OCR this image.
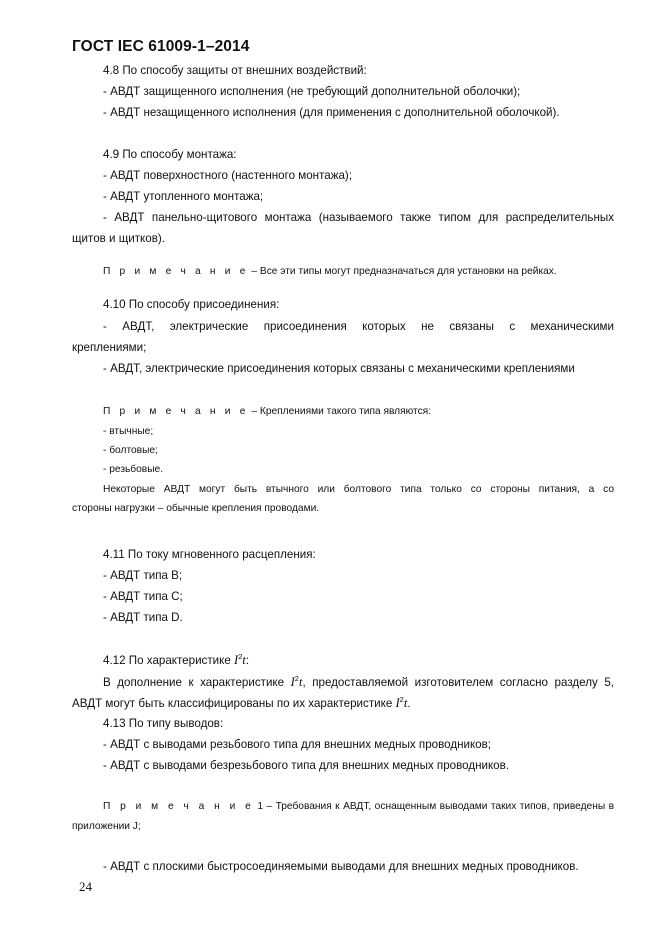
ГОСТ IEC 61009-1–2014
4.8 По способу защиты от внешних воздействий:
- АВДТ защищенного исполнения (не требующий дополнительной оболочки);
- АВДТ незащищенного исполнения (для применения с дополнительной оболочкой).
4.9 По способу монтажа:
- АВДТ поверхностного (настенного монтажа);
- АВДТ утопленного монтажа;
- АВДТ панельно-щитового монтажа (называемого также типом для распределительных
щитов и щитков).
П р и м е ч а н и е – Все эти типы могут предназначаться для установки на рейках.
4.10 По способу присоединения:
- АВДТ, электрические присоединения которых не связаны с механическими
креплениями;
- АВДТ, электрические присоединения которых связаны с механическими креплениями
П р и м е ч а н и е – Креплениями такого типа являются:
- втычные;
- болтовые;
- резьбовые.
Некоторые АВДТ могут быть втычного или болтового типа только со стороны питания, а со
стороны нагрузки – обычные крепления проводами.
4.11 По току мгновенного расцепления:
- АВДТ типа B;
- АВДТ типа C;
- АВДТ типа D.
4.12 По характеристике $I^2t$:
В дополнение к характеристике $I^2t$, предоставляемой изготовителем согласно разделу 5,
АВДТ могут быть классифицированы по их характеристике $I^2t$.
4.13 По типу выводов:
- АВДТ с выводами резьбового типа для внешних медных проводников;
- АВДТ с выводами безрезьбового типа для внешних медных проводников.
П р и м е ч а н и е 1 – Требования к АВДТ, оснащенным выводами таких типов, приведены в
приложении J;
- АВДТ с плоскими быстросоединяемыми выводами для внешних медных проводников.
24
